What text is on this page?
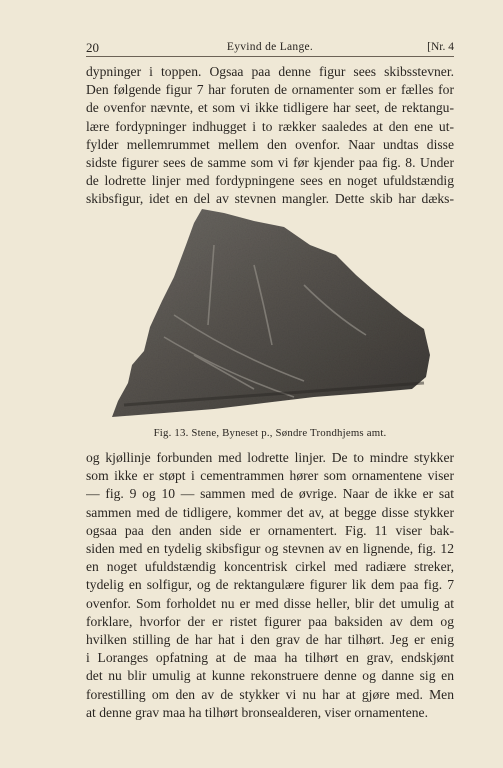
20	Eyvind de Lange.	[Nr. 4
dypninger i toppen. Ogsaa paa denne figur sees skibsstevner.
Den følgende figur 7 har foruten de ornamenter som er fælles for
de ovenfor nævnte, et som vi ikke tidligere har seet, de rektangu-
lære fordypninger indhugget i to rækker saaledes at den ene ut-
fylder mellemrummet mellem den ovenfor. Naar undtas disse
sidste figurer sees de samme som vi før kjender paa fig. 8. Under
de lodrette linjer med fordypningene sees en noget ufuldstændig
skibsfigur, idet en del av stevnen mangler. Dette skib har dæks-
Fig. 13. Stene, Byneset p., Søndre Trondhjems amt.
og kjøllinje forbunden med lodrette linjer. De to mindre stykker
som ikke er støpt i cementrammen hører som ornamentene viser
— fig. 9 og 10 — sammen med de øvrige. Naar de ikke er sat
sammen med de tidligere, kommer det av, at begge disse stykker
ogsaa paa den anden side er ornamentert. Fig. 11 viser bak-
siden med en tydelig skibsfigur og stevnen av en lignende, fig. 12
en noget ufuldstændig koncentrisk cirkel med radiære streker,
tydelig en solfigur, og de rektangulære figurer lik dem paa fig. 7
ovenfor. Som forholdet nu er med disse heller, blir det umulig at
forklare, hvorfor der er ristet figurer paa baksiden av dem og
hvilken stilling de har hat i den grav de har tilhørt. Jeg er enig
i Loranges opfatning at de maa ha tilhørt en grav, endskjønt
det nu blir umulig at kunne rekonstruere denne og danne sig en
forestilling om den av de stykker vi nu har at gjøre med. Men
at denne grav maa ha tilhørt bronsealderen, viser ornamentene.
